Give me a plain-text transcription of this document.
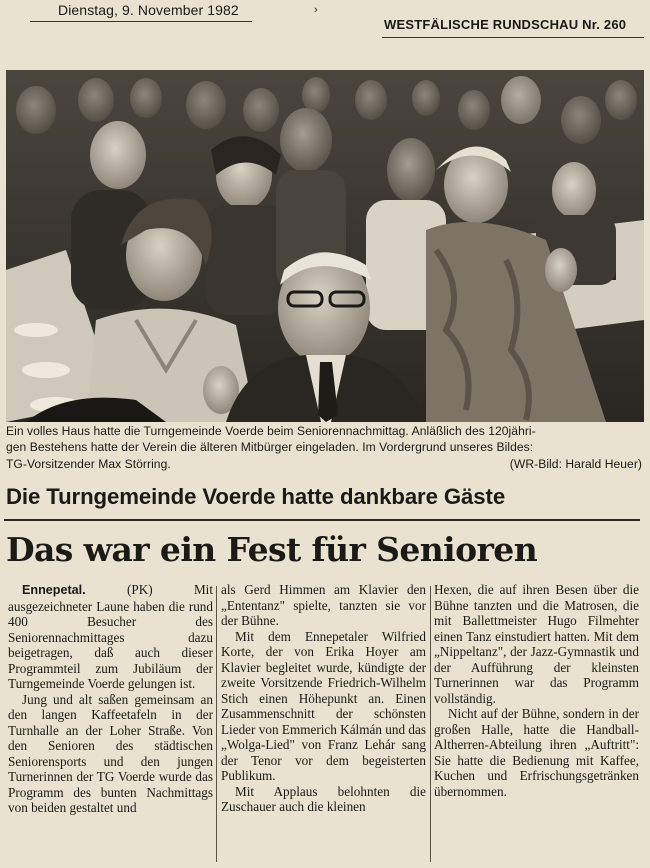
Dienstag, 9. November 1982	›
WESTFÄLISCHE RUNDSCHAU Nr. 260
Ein volles Haus hatte die Turngemeinde Voerde beim Seniorennachmittag. Anläßlich des 120jähri-
gen Bestehens hatte der Verein die älteren Mitbürger eingeladen. Im Vordergrund unseres Bildes:
TG-Vorsitzender Max Störring.	(WR-Bild: Harald Heuer)
Die Turngemeinde Voerde hatte dankbare Gäste
Das war ein Fest für Senioren

Ennepetal.	(PK) Mit ausgezeichneter Laune haben die rund 400 Besucher des Seniorennachmittages dazu beigetragen, daß auch dieser Programmteil zum Jubiläum der Turngemeinde Voerde gelungen ist.

Jung und alt saßen gemeinsam an den langen Kaffeetafeln in der Turnhalle an der Loher Straße. Von den Senioren des städtischen Seniorensports und den jungen Turnerinnen der TG Voerde wurde das Programm des bunten Nachmittags von beiden gestaltet und

als Gerd Himmen am Klavier den „Ententanz" spielte, tanzten sie vor der Bühne.

Mit dem Ennepetaler Wilfried Korte, der von Erika Hoyer am Klavier begleitet wurde, kündigte der zweite Vorsitzende Friedrich-Wilhelm Stich einen Höhepunkt an. Einen Zusammenschnitt der schönsten Lieder von Emmerich Kálmán und das „Wolga-Lied" von Franz Lehár sang der Tenor vor dem begeisterten Publikum.

Mit Applaus belohnten die Zuschauer auch die kleinen

Hexen, die auf ihren Besen über die Bühne tanzten und die Matrosen, die mit Ballettmeister Hugo Filmehter einen Tanz einstudiert hatten. Mit dem „Nippeltanz", der Jazz-Gymnastik und der Aufführung der kleinsten Turnerinnen war das Programm vollständig.

Nicht auf der Bühne, sondern in der großen Halle, hatte die Handball-Altherren-Abteilung ihren „Auftritt": Sie hatte die Bedienung mit Kaffee, Kuchen und Erfrischungsgetränken übernommen.
